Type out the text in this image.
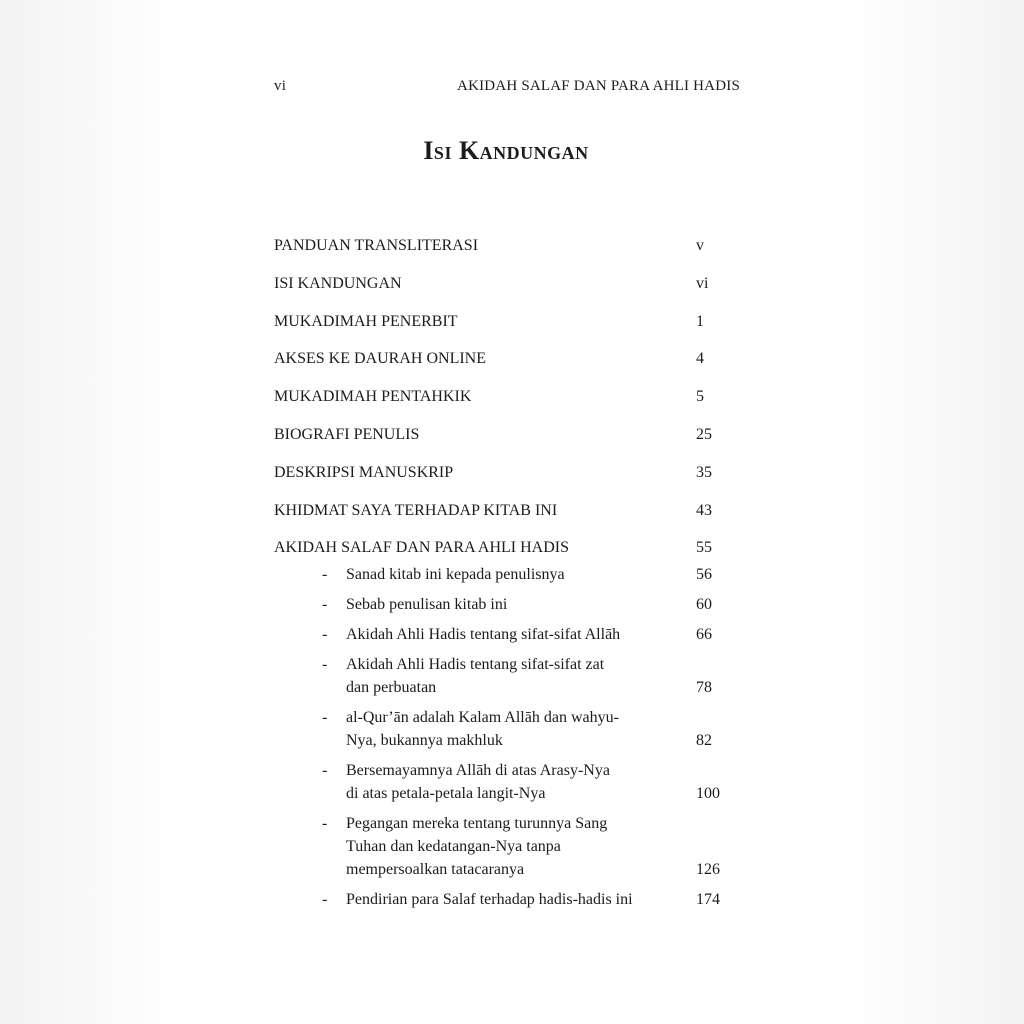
vi	AKIDAH SALAF DAN PARA AHLI HADIS
Isi Kandungan
PANDUAN TRANSLITERASI	v
ISI KANDUNGAN	vi
MUKADIMAH PENERBIT	1
AKSES KE DAURAH ONLINE	4
MUKADIMAH PENTAHKIK	5
BIOGRAFI PENULIS	25
DESKRIPSI MANUSKRIP	35
KHIDMAT SAYA TERHADAP KITAB INI	43
AKIDAH SALAF DAN PARA AHLI HADIS	55
- Sanad kitab ini kepada penulisnya	56
- Sebab penulisan kitab ini	60
- Akidah Ahli Hadis tentang sifat-sifat Allāh	66
- Akidah Ahli Hadis tentang sifat-sifat zat
dan perbuatan	78
- al-Qur’ān adalah Kalam Allāh dan wahyu-
Nya, bukannya makhluk	82
- Bersemayamnya Allāh di atas Arasy-Nya
di atas petala-petala langit-Nya	100
- Pegangan mereka tentang turunnya Sang
Tuhan dan kedatangan-Nya tanpa
mempersoalkan tatacaranya	126
- Pendirian para Salaf terhadap hadis-hadis ini	174
